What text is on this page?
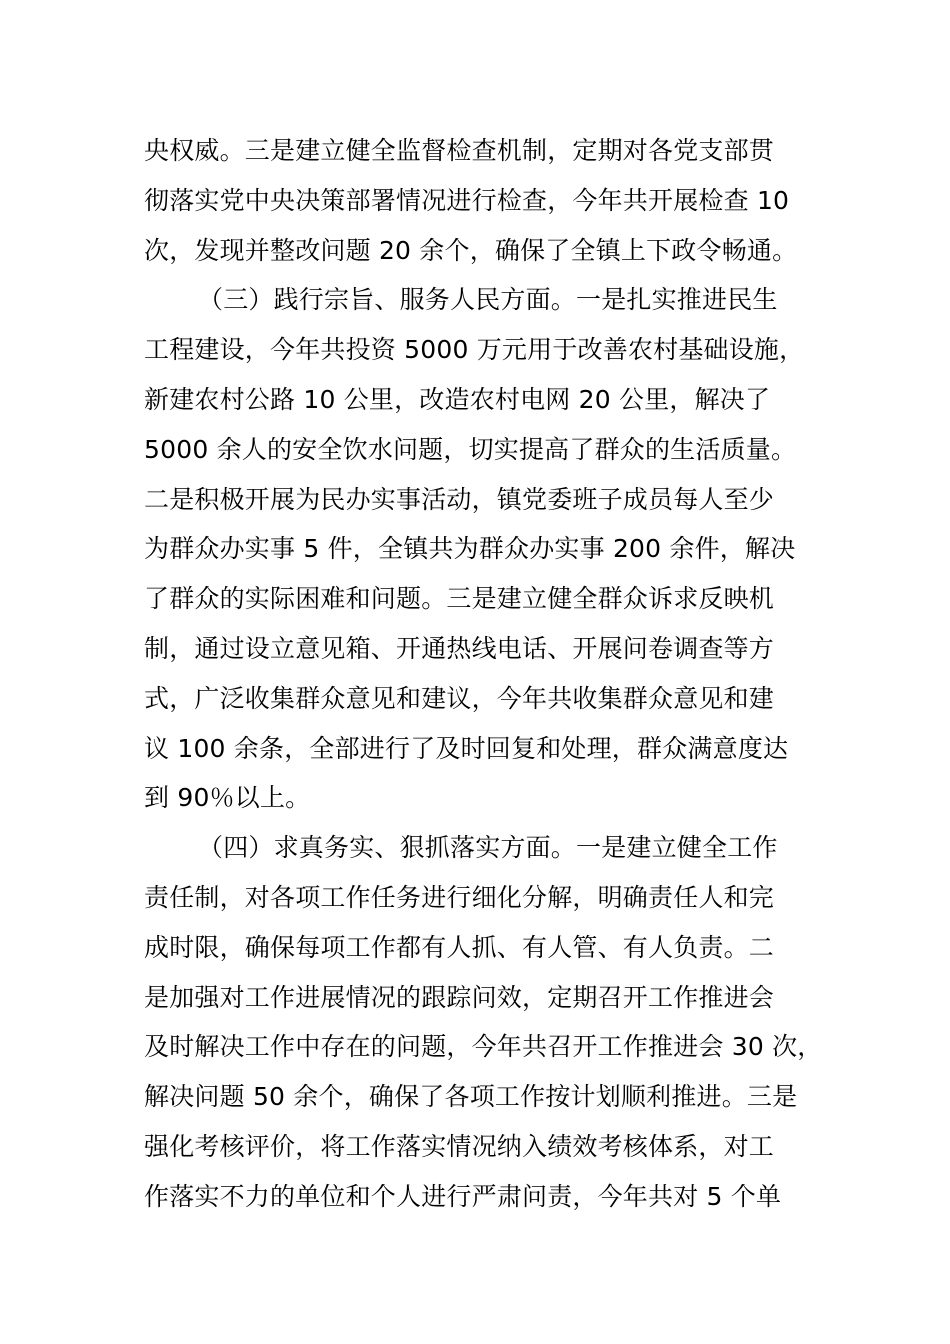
央权威。三是建立健全监督检查机制，定期对各党支部贯
彻落实党中央决策部署情况进行检查，今年共开展检查 10
次，发现并整改问题 20 余个，确保了全镇上下政令畅通。
（三）践行宗旨、服务人民方面。一是扎实推进民生
工程建设，今年共投资 5000 万元用于改善农村基础设施，
新建农村公路 10 公里，改造农村电网 20 公里，解决了
5000 余人的安全饮水问题，切实提高了群众的生活质量。
二是积极开展为民办实事活动，镇党委班子成员每人至少
为群众办实事 5 件，全镇共为群众办实事 200 余件，解决
了群众的实际困难和问题。三是建立健全群众诉求反映机
制，通过设立意见箱、开通热线电话、开展问卷调查等方
式，广泛收集群众意见和建议，今年共收集群众意见和建
议 100 余条，全部进行了及时回复和处理，群众满意度达
到 90％以上。
（四）求真务实、狠抓落实方面。一是建立健全工作
责任制，对各项工作任务进行细化分解，明确责任人和完
成时限，确保每项工作都有人抓、有人管、有人负责。二
是加强对工作进展情况的跟踪问效，定期召开工作推进会
及时解决工作中存在的问题，今年共召开工作推进会 30 次，
解决问题 50 余个，确保了各项工作按计划顺利推进。三是
强化考核评价，将工作落实情况纳入绩效考核体系，对工
作落实不力的单位和个人进行严肃问责，今年共对 5 个单
